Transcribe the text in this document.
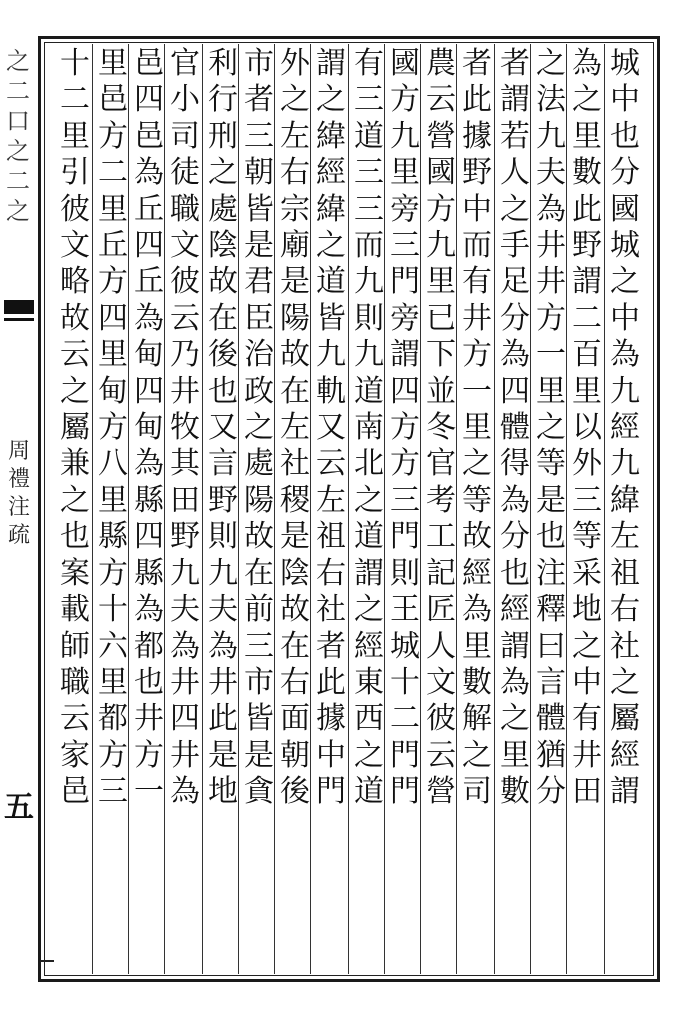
之二口之二之
周禮注疏
五
城中也分國城之中為九經九緯左祖右社之屬經謂
為之里數此野謂二百里以外三等采地之中有井田
之法九夫為井井方一里之等是也注釋曰言體猶分
者謂若人之手足分為四體得為分也經謂為之里數
者此據野中而有井方一里之等故經為里數解之司
農云營國方九里已下並冬官考工記匠人文彼云營
國方九里旁三門旁謂四方方三門則王城十二門門
有三道三三而九則九道南北之道謂之經東西之道
謂之緯經緯之道皆九軌又云左祖右社者此據中門
外之左右宗廟是陽故在左社稷是陰故在右面朝後
市者三朝皆是君臣治政之處陽故在前三市皆是貪
利行刑之處陰故在後也又言野則九夫為井此是地
官小司徒職文彼云乃井牧其田野九夫為井四井為
邑四邑為丘四丘為甸四甸為縣四縣為都也井方一
里邑方二里丘方四里甸方八里縣方十六里都方三
十二里引彼文略故云之屬兼之也案載師職云家邑
